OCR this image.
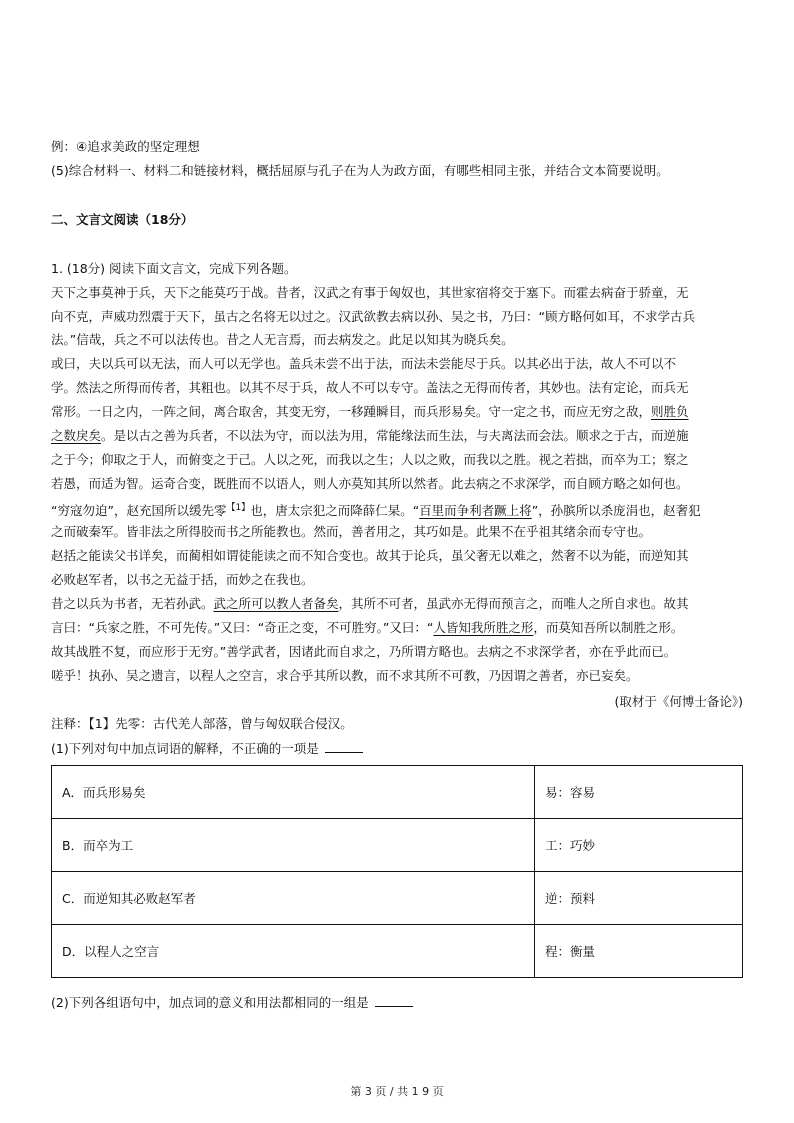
例：④追求美政的坚定理想
(5)综合材料一、材料二和链接材料，概括屈原与孔子在为人为政方面，有哪些相同主张，并结合文本简要说明。
二、文言文阅读（18分）
1. (18分) 阅读下面文言文，完成下列各题。
天下之事莫神于兵，天下之能莫巧于战。昔者，汉武之有事于匈奴也，其世家宿将交于塞下。而霍去病奋于骄童，无
向不克，声威功烈震于天下，虽古之名将无以过之。汉武欲教去病以孙、吴之书，乃曰：“顾方略何如耳，不求学古兵
法。”信哉，兵之不可以法传也。昔之人无言焉，而去病发之。此足以知其为晓兵矣。
或曰，夫以兵可以无法，而人可以无学也。盖兵未尝不出于法，而法未尝能尽于兵。以其必出于法，故人不可以不
学。然法之所得而传者，其粗也。以其不尽于兵，故人不可以专守。盖法之无得而传者，其妙也。法有定论，而兵无
常形。一日之内，一阵之间，离合取舍，其变无穷，一移踵瞬目，而兵形易矣。守一定之书，而应无穷之敌，则胜负
之数戾矣。是以古之善为兵者，不以法为守，而以法为用，常能缘法而生法，与夫离法而会法。顺求之于古，而逆施
之于今；仰取之于人，而俯变之于己。人以之死，而我以之生；人以之败，而我以之胜。视之若拙，而卒为工；察之
若愚，而适为智。运奇合变，既胜而不以语人，则人亦莫知其所以然者。此去病之不求深学，而自顾方略之如何也。
“穷寇勿迫”，赵充国所以缓先零$^{【1】}$也，唐太宗犯之而降薛仁杲。“百里而争利者蹶上将”，孙膑所以杀庞涓也，赵奢犯
之而破秦军。皆非法之所得胶而书之所能教也。然而，善者用之，其巧如是。此果不在乎祖其绪余而专守也。
赵括之能读父书详矣，而蔺相如谓徒能读之而不知合变也。故其于论兵，虽父奢无以难之，然奢不以为能，而逆知其
必败赵军者，以书之无益于括，而妙之在我也。
昔之以兵为书者，无若孙武。武之所可以教人者备矣，其所不可者，虽武亦无得而预言之，而唯人之所自求也。故其
言曰：“兵家之胜，不可先传。”又曰：“奇正之变，不可胜穷。”又曰：“人皆知我所胜之形，而莫知吾所以制胜之形。
故其战胜不复，而应形于无穷。”善学武者，因诸此而自求之，乃所谓方略也。去病之不求深学者，亦在乎此而已。
嗟乎！执孙、吴之遗言，以程人之空言，求合乎其所以教，而不求其所不可教，乃因谓之善者，亦已妄矣。
(取材于《何博士备论》)
注释：【1】先零：古代羌人部落，曾与匈奴联合侵汉。
(1)下列对句中加点词语的解释，不正确的一项是
A．而兵形易矣	易：容易
B．而卒为工	工：巧妙
C．而逆知其必败赵军者	逆：预料
D．以程人之空言	程：衡量
(2)下列各组语句中，加点词的意义和用法都相同的一组是
第 3 页 / 共 1 9 页
